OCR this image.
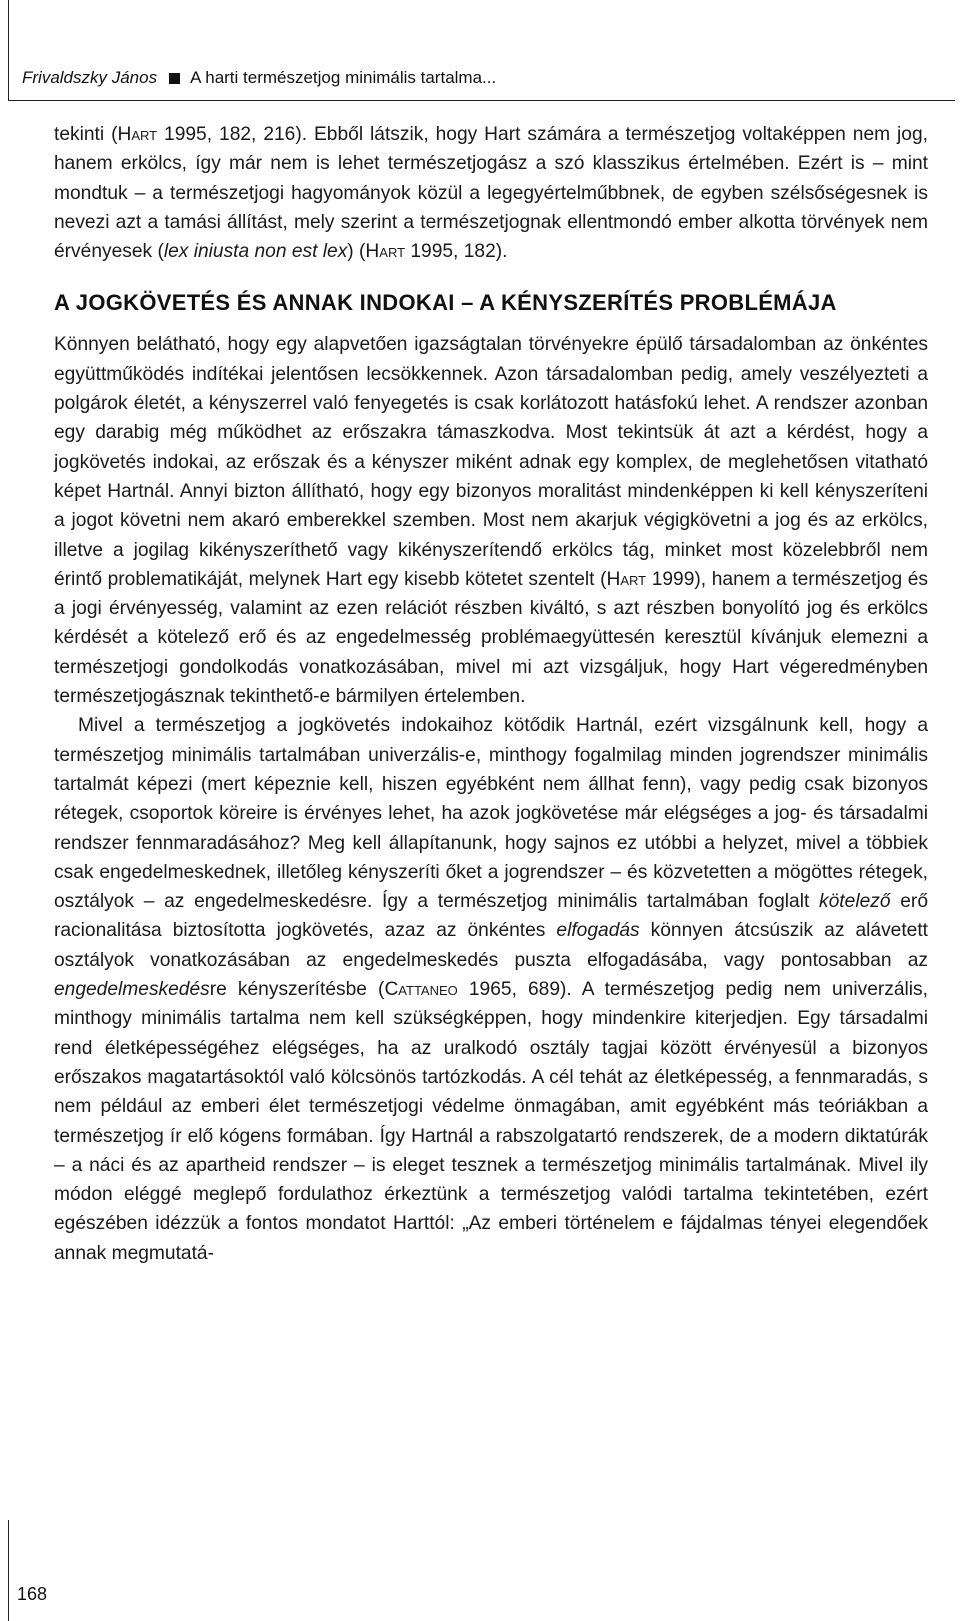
Frivaldszky János A harti természetjog minimális tartalma...

tekinti (Hart 1995, 182, 216). Ebből látszik, hogy Hart számára a természetjog voltaképpen nem jog, hanem erkölcs, így már nem is lehet természetjogász a szó klasszikus értelmében. Ezért is – mint mondtuk – a természetjogi hagyományok közül a legegyértelműbbnek, de egyben szélsőségesnek is nevezi azt a tamási állítást, mely szerint a természetjognak ellentmondó ember alkotta törvények nem érvényesek (lex iniusta non est lex) (Hart 1995, 182).

A JOGKÖVETÉS ÉS ANNAK INDOKAI – A KÉNYSZERÍTÉS PROBLÉMÁJA

Könnyen belátható, hogy egy alapvetően igazságtalan törvényekre épülő társadalomban az önkéntes együttműködés indítékai jelentősen lecsökkennek. Azon társadalomban pedig, amely veszélyezteti a polgárok életét, a kényszerrel való fenyegetés is csak korlátozott hatásfokú lehet. A rendszer azonban egy darabig még működhet az erőszakra támaszkodva. Most tekintsük át azt a kérdést, hogy a jogkövetés indokai, az erőszak és a kényszer miként adnak egy komplex, de meglehetősen vitatható képet Hartnál. Annyi bizton állítható, hogy egy bizonyos moralitást mindenképpen ki kell kényszeríteni a jogot követni nem akaró emberekkel szemben. Most nem akarjuk végigkövetni a jog és az erkölcs, illetve a jogilag kikényszeríthető vagy kikényszerítendő erkölcs tág, minket most közelebbről nem érintő problematikáját, melynek Hart egy kisebb kötetet szentelt (Hart 1999), hanem a természetjog és a jogi érvényesség, valamint az ezen relációt részben kiváltó, s azt részben bonyolító jog és erkölcs kérdését a kötelező erő és az engedelmesség problémaegyüttesén keresztül kívánjuk elemezni a természetjogi gondolkodás vonatkozásában, mivel mi azt vizsgáljuk, hogy Hart végeredményben természetjogásznak tekinthető-e bármilyen értelemben.

Mivel a természetjog a jogkövetés indokaihoz kötődik Hartnál, ezért vizsgálnunk kell, hogy a természetjog minimális tartalmában univerzális-e, minthogy fogalmilag minden jogrendszer minimális tartalmát képezi (mert képeznie kell, hiszen egyébként nem állhat fenn), vagy pedig csak bizonyos rétegek, csoportok köreire is érvényes lehet, ha azok jogkövetése már elégséges a jog- és társadalmi rendszer fennmaradásához? Meg kell állapítanunk, hogy sajnos ez utóbbi a helyzet, mivel a többiek csak engedelmeskednek, illetőleg kényszeríti őket a jogrendszer – és közvetetten a mögöttes rétegek, osztályok – az engedelmeskedésre. Így a természetjog minimális tartalmában foglalt kötelező erő racionalitása biztosította jogkövetés, azaz az önkéntes elfogadás könnyen átcsúszik az alávetett osztályok vonatkozásában az engedelmeskedés puszta elfogadásába, vagy pontosabban az engedelmeskedésre kényszerítésbe (Cattaneo 1965, 689). A természetjog pedig nem univerzális, minthogy minimális tartalma nem kell szükségképpen, hogy mindenkire kiterjedjen. Egy társadalmi rend életképességéhez elégséges, ha az uralkodó osztály tagjai között érvényesül a bizonyos erőszakos magatartásoktól való kölcsönös tartózkodás. A cél tehát az életképesség, a fennmaradás, s nem például az emberi élet természetjogi védelme önmagában, amit egyébként más teóriákban a természetjog ír elő kógens formában. Így Hartnál a rabszolgatartó rendszerek, de a modern diktatúrák – a náci és az apartheid rendszer – is eleget tesznek a természetjog minimális tartalmának. Mivel ily módon eléggé meglepő fordulathoz érkeztünk a természetjog valódi tartalma tekintetében, ezért egészében idézzük a fontos mondatot Harttól: „Az emberi történelem e fájdalmas tényei elegendőek annak megmutatá-

168
